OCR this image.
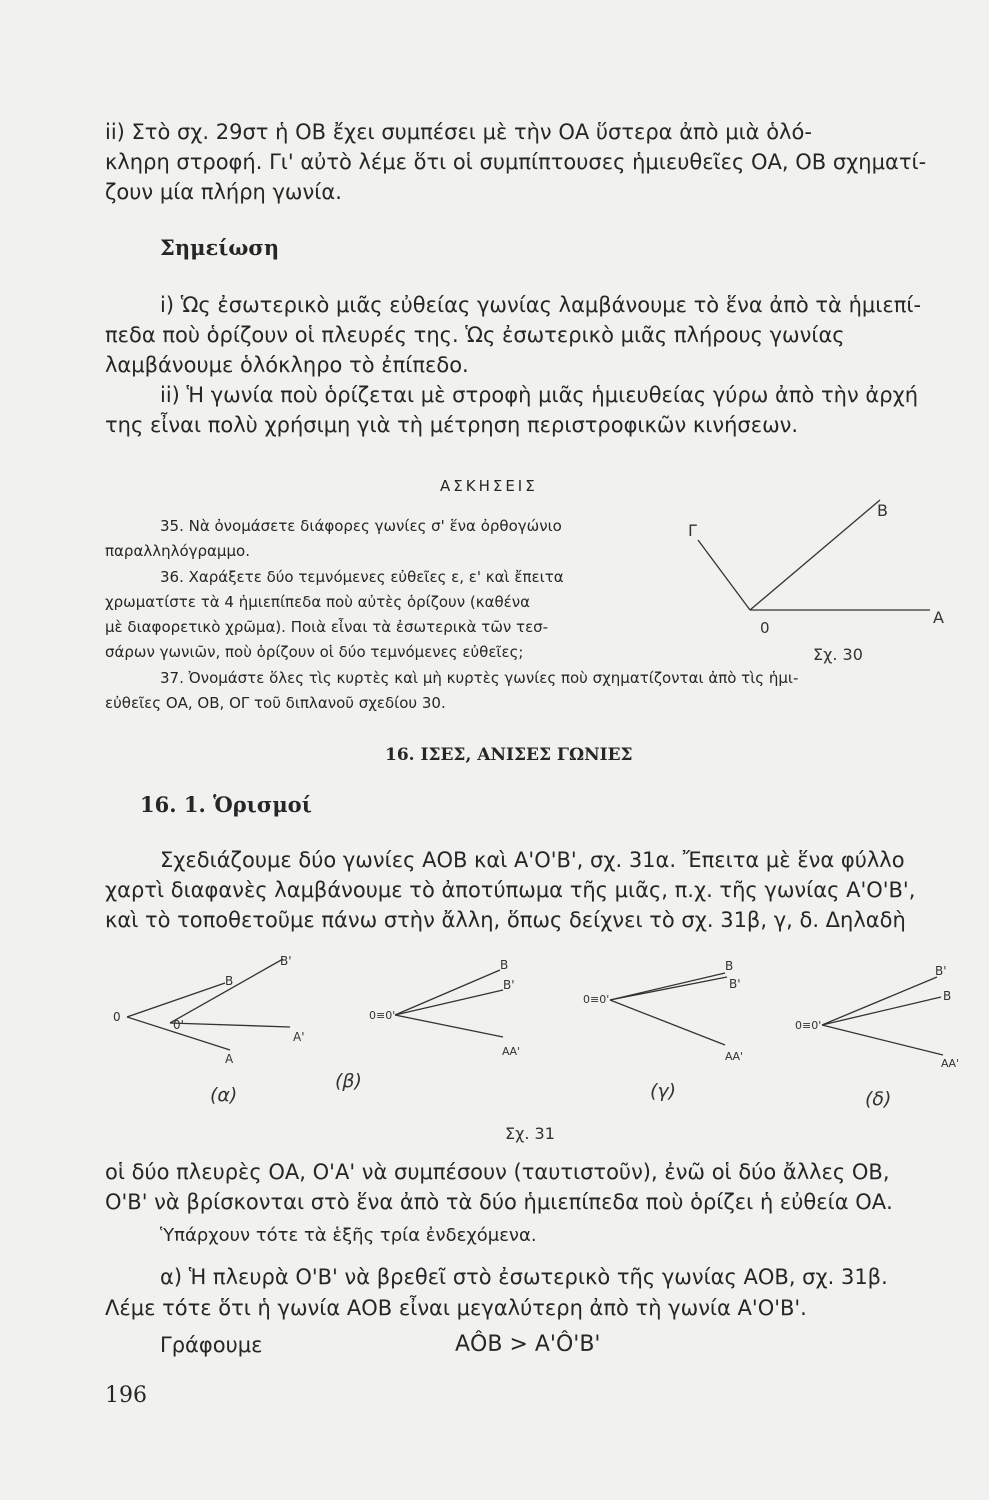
ii) Στὸ σχ. 29στ ἡ ΟΒ ἔχει συμπέσει μὲ τὴν ΟΑ ὕστερα ἀπὸ μιὰ ὁλό-

κληρη στροφή. Γι' αὐτὸ λέμε ὅτι οἱ συμπίπτουσες ἡμιευθεῖες ΟΑ, ΟΒ σχηματί-

ζουν μία πλήρη γωνία.

Σημείωση

i) Ὡς ἐσωτερικὸ μιᾶς εὐθείας γωνίας λαμβάνουμε τὸ ἕνα ἀπὸ τὰ ἡμιεπί-

πεδα ποὺ ὁρίζουν οἱ πλευρές της. Ὡς ἐσωτερικὸ μιᾶς πλήρους γωνίας

λαμβάνουμε ὁλόκληρο τὸ ἐπίπεδο.

ii) Ἡ γωνία ποὺ ὁρίζεται μὲ στροφὴ μιᾶς ἡμιευθείας γύρω ἀπὸ τὴν ἀρχή

της εἶναι πολὺ χρήσιμη γιὰ τὴ μέτρηση περιστροφικῶν κινήσεων.

ΑΣΚΗΣΕΙΣ

35. Νὰ ὀνομάσετε διάφορες γωνίες σ' ἕνα ὀρθογώνιο

παραλληλόγραμμο.

36. Χαράξετε δύο τεμνόμενες εὐθεῖες ε, ε' καὶ ἔπειτα

χρωματίστε τὰ 4 ἡμιεπίπεδα ποὺ αὐτὲς ὁρίζουν (καθένα

μὲ διαφορετικὸ χρῶμα). Ποιὰ εἶναι τὰ ἐσωτερικὰ τῶν τεσ-

σάρων γωνιῶν, ποὺ ὁρίζουν οἱ δύο τεμνόμενες εὐθεῖες;

37. Ὀνομάστε ὅλες τὶς κυρτὲς καὶ μὴ κυρτὲς γωνίες ποὺ σχηματίζονται ἀπὸ τὶς ἡμι-

εὐθεῖες ΟΑ, ΟΒ, ΟΓ τοῦ διπλανοῦ σχεδίου 30.

Β
Γ
Α
0
Σχ. 30

16. ΙΣΕΣ, ΑΝΙΣΕΣ ΓΩΝΙΕΣ

16. 1. Ὁρισμοί

Σχεδιάζουμε δύο γωνίες ΑΟΒ καὶ Α'Ο'Β', σχ. 31α. Ἔπειτα μὲ ἕνα φύλλο

χαρτὶ διαφανὲς λαμβάνουμε τὸ ἀποτύπωμα τῆς μιᾶς, π.χ. τῆς γωνίας Α'Ο'Β',

καὶ τὸ τοποθετοῦμε πάνω στὴν ἄλλη, ὅπως δείχνει τὸ σχ. 31β, γ, δ. Δηλαδὴ

0
0'
Β
Β'
Α
Α'
(α)
0≡0'
Β
Β'
ΑΑ'
(β)
0≡0'
Β
Β'
ΑΑ'
(γ)
0≡0'
Β'
Β
ΑΑ'
(δ)
Σχ. 31

οἱ δύο πλευρὲς ΟΑ, Ο'Α' νὰ συμπέσουν (ταυτιστοῦν), ἐνῶ οἱ δύο ἄλλες ΟΒ,

Ο'Β' νὰ βρίσκονται στὸ ἕνα ἀπὸ τὰ δύο ἡμιεπίπεδα ποὺ ὁρίζει ἡ εὐθεία ΟΑ.

Ὑπάρχουν τότε τὰ ἑξῆς τρία ἐνδεχόμενα.

α) Ἡ πλευρὰ Ο'Β' νὰ βρεθεῖ στὸ ἐσωτερικὸ τῆς γωνίας ΑΟΒ, σχ. 31β.

Λέμε τότε ὅτι ἡ γωνία ΑΟΒ εἶναι μεγαλύτερη ἀπὸ τὴ γωνία Α'Ο'Β'.

Γράφουμε	ΑÔΒ > Α'Ô'Β'

196
